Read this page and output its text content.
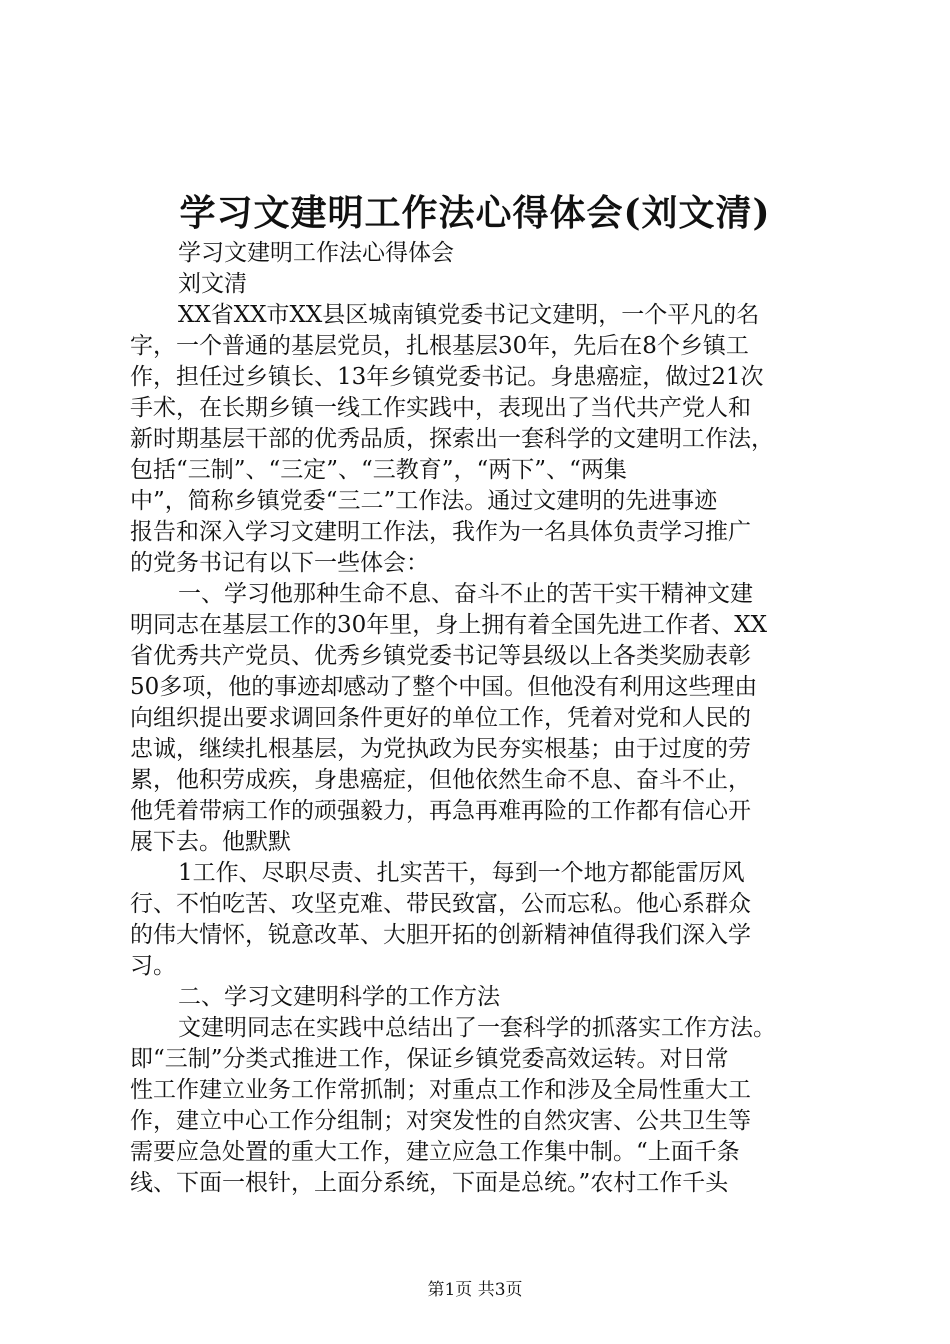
学习文建明工作法心得体会(刘文清)
学习文建明工作法心得体会
刘文清
XX省XX市XX县区城南镇党委书记文建明，一个平凡的名
字，一个普通的基层党员，扎根基层30年，先后在8个乡镇工
作，担任过乡镇长、13年乡镇党委书记。身患癌症，做过21次
手术，在长期乡镇一线工作实践中，表现出了当代共产党人和
新时期基层干部的优秀品质，探索出一套科学的文建明工作法，
包括“三制”、“三定”、“三教育”，“两下”、“两集
中”，简称乡镇党委“三二”工作法。通过文建明的先进事迹
报告和深入学习文建明工作法，我作为一名具体负责学习推广
的党务书记有以下一些体会：
一、学习他那种生命不息、奋斗不止的苦干实干精神文建
明同志在基层工作的30年里，身上拥有着全国先进工作者、XX
省优秀共产党员、优秀乡镇党委书记等县级以上各类奖励表彰
50多项，他的事迹却感动了整个中国。但他没有利用这些理由
向组织提出要求调回条件更好的单位工作，凭着对党和人民的
忠诚，继续扎根基层，为党执政为民夯实根基；由于过度的劳
累，他积劳成疾，身患癌症，但他依然生命不息、奋斗不止，
他凭着带病工作的顽强毅力，再急再难再险的工作都有信心开
展下去。他默默
1工作、尽职尽责、扎实苦干，每到一个地方都能雷厉风
行、不怕吃苦、攻坚克难、带民致富，公而忘私。他心系群众
的伟大情怀，锐意改革、大胆开拓的创新精神值得我们深入学
习。
二、学习文建明科学的工作方法
文建明同志在实践中总结出了一套科学的抓落实工作方法。
即“三制”分类式推进工作，保证乡镇党委高效运转。对日常
性工作建立业务工作常抓制；对重点工作和涉及全局性重大工
作，建立中心工作分组制；对突发性的自然灾害、公共卫生等
需要应急处置的重大工作，建立应急工作集中制。“上面千条
线、下面一根针，上面分系统，下面是总统。”农村工作千头
第1页 共3页
